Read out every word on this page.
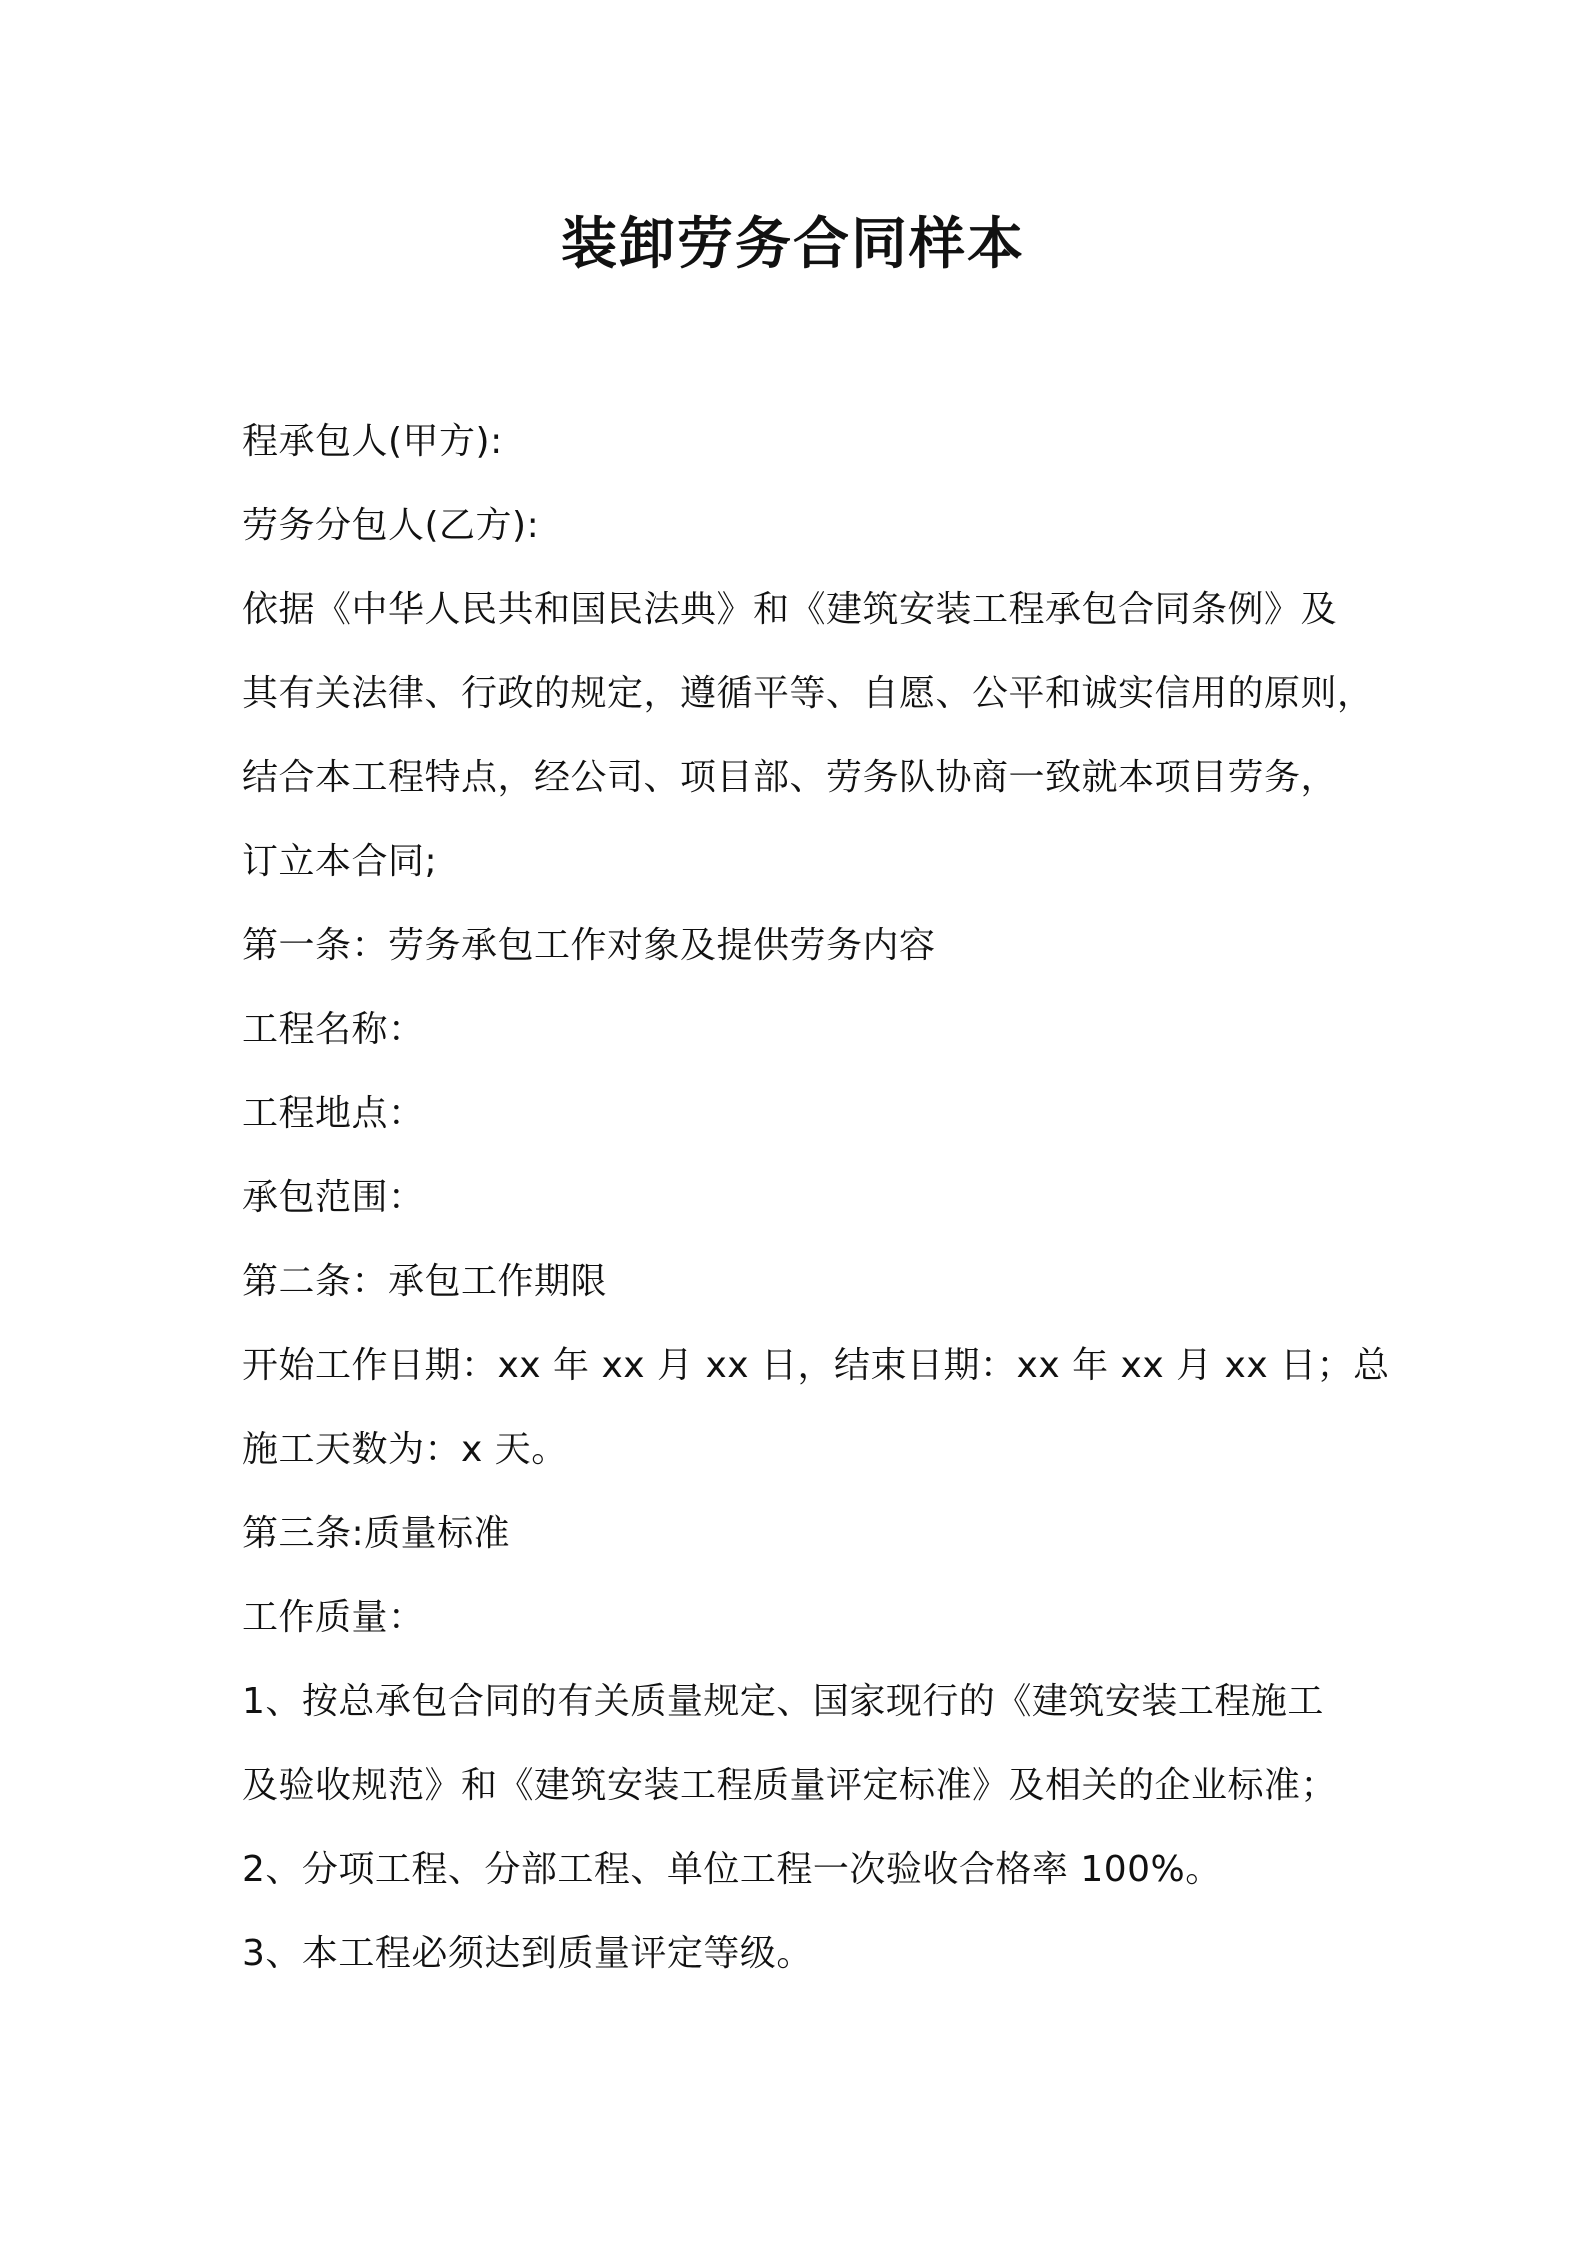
装卸劳务合同样本
程承包人(甲方):
劳务分包人(乙方):
依据《中华人民共和国民法典》和《建筑安装工程承包合同条例》及
其有关法律、行政的规定，遵循平等、自愿、公平和诚实信用的原则，
结合本工程特点，经公司、项目部、劳务队协商一致就本项目劳务，
订立本合同;
第一条：劳务承包工作对象及提供劳务内容
工程名称：
工程地点：
承包范围：
第二条：承包工作期限
开始工作日期：xx 年 xx 月 xx 日，结束日期：xx 年 xx 月 xx 日；总
施工天数为：x 天。
第三条:质量标准
工作质量：
1、按总承包合同的有关质量规定、国家现行的《建筑安装工程施工
及验收规范》和《建筑安装工程质量评定标准》及相关的企业标准；
2、分项工程、分部工程、单位工程一次验收合格率 100%。
3、本工程必须达到质量评定等级。
